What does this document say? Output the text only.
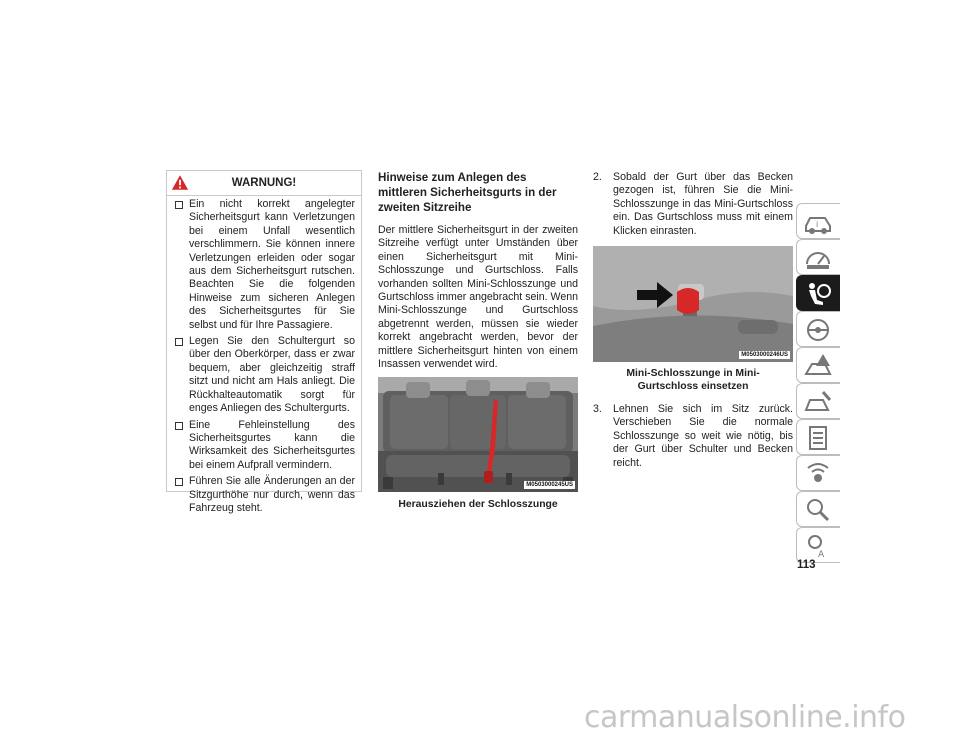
WARNUNG!
Ein nicht korrekt angelegter Sicherheitsgurt kann Verletzungen bei einem Unfall wesentlich verschlimmern. Sie können innere Verletzungen erleiden oder sogar aus dem Sicherheitsgurt rutschen. Beachten Sie die folgenden Hinweise zum sicheren Anlegen des Sicherheitsgurtes für Sie selbst und für Ihre Passagiere.
Legen Sie den Schultergurt so über den Oberkörper, dass er zwar bequem, aber gleichzeitig straff sitzt und nicht am Hals anliegt. Die Rückhalteautomatik sorgt für enges Anliegen des Schultergurts.
Eine Fehleinstellung des Sicherheitsgurtes kann die Wirksamkeit des Sicherheitsgurtes bei einem Aufprall vermindern.
Führen Sie alle Änderungen an der Sitzgurthöhe nur durch, wenn das Fahrzeug steht.
Hinweise zum Anlegen des mittleren Sicherheitsgurts in der zweiten Sitzreihe
Der mittlere Sicherheitsgurt in der zweiten Sitzreihe verfügt unter Umständen über einen Sicherheitsgurt mit Mini-Schlosszunge und Gurtschloss. Falls vorhanden sollten Mini-Schlosszunge und Gurtschloss immer angebracht sein. Wenn Mini-Schlosszunge und Gurtschloss abgetrennt werden, müssen sie wieder korrekt angebracht werden, bevor der mittlere Sicherheitsgurt hinten von einem Insassen verwendet wird.
M0503000245US
Herausziehen der Schlosszunge
2. Sobald der Gurt über das Becken gezogen ist, führen Sie die Mini-Schlosszunge in das Mini-Gurtschloss ein. Das Gurtschloss muss mit einem Klicken einrasten.
M0503000246US
Mini-Schlosszunge in Mini-Gurtschloss einsetzen
3. Lehnen Sie sich im Sitz zurück. Verschieben Sie die normale Schlosszunge so weit wie nötig, bis der Gurt über Schulter und Becken reicht.
i
A
113
carmanualsonline.info
